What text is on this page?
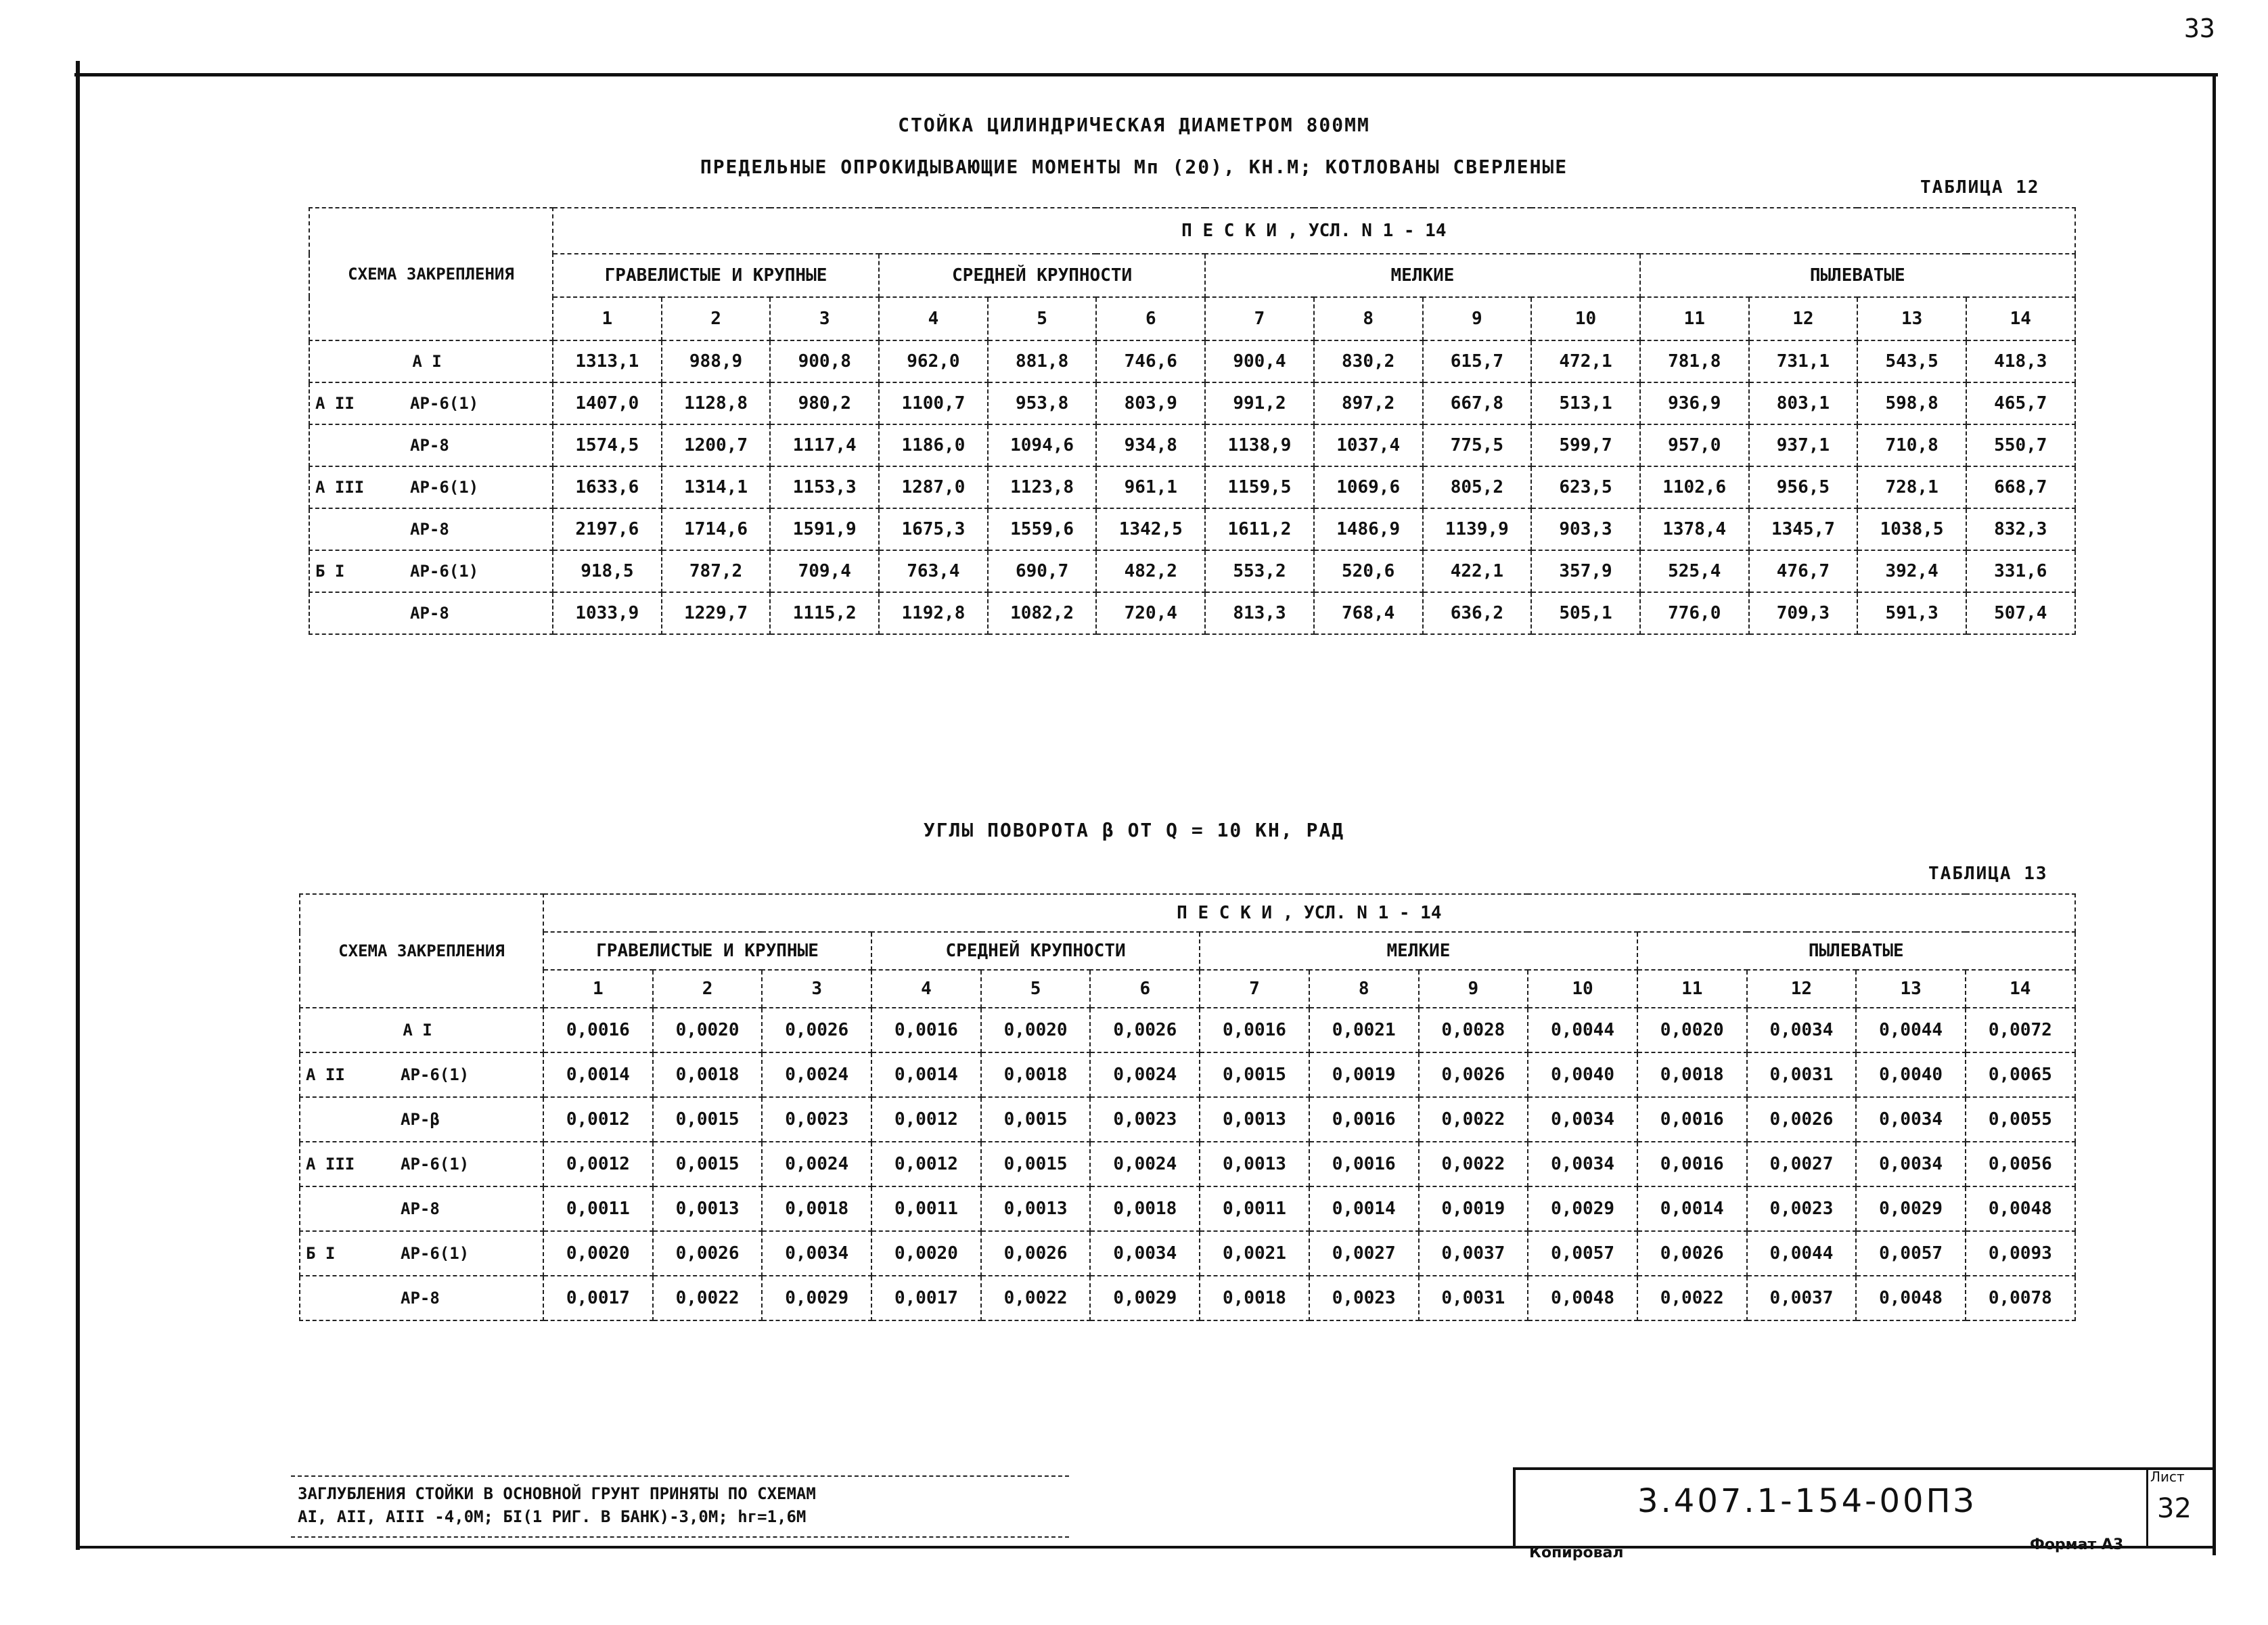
33
СТОЙКА ЦИЛИНДРИЧЕСКАЯ ДИАМЕТРОМ 800ММ
ПРЕДЕЛЬНЫЕ ОПРОКИДЫВАЮЩИЕ МОМЕНТЫ Мп (20), КН.М; КОТЛОВАНЫ СВЕРЛЕНЫЕ
ТАБЛИЦА 12
СХЕМА ЗАКРЕПЛЕНИЯ	П Е С К И , УСЛ. N 1 - 14													
	ГРАВЕЛИСТЫЕ И КРУПНЫЕ			СРЕДНЕЙ КРУПНОСТИ			МЕЛКИЕ				ПЫЛЕВАТЫЕ			
	1	2	3	4	5	6	7	8	9	10	11	12	13	14
А I	1313,1	988,9	900,8	962,0	881,8	746,6	900,4	830,2	615,7	472,1	781,8	731,1	543,5	418,3
А II АР-6(1)	1407,0	1128,8	980,2	1100,7	953,8	803,9	991,2	897,2	667,8	513,1	936,9	803,1	598,8	465,7
АР-8	1574,5	1200,7	1117,4	1186,0	1094,6	934,8	1138,9	1037,4	775,5	599,7	957,0	937,1	710,8	550,7
А III АР-6(1)	1633,6	1314,1	1153,3	1287,0	1123,8	961,1	1159,5	1069,6	805,2	623,5	1102,6	956,5	728,1	668,7
АР-8	2197,6	1714,6	1591,9	1675,3	1559,6	1342,5	1611,2	1486,9	1139,9	903,3	1378,4	1345,7	1038,5	832,3
Б I АР-6(1)	918,5	787,2	709,4	763,4	690,7	482,2	553,2	520,6	422,1	357,9	525,4	476,7	392,4	331,6
АР-8	1033,9	1229,7	1115,2	1192,8	1082,2	720,4	813,3	768,4	636,2	505,1	776,0	709,3	591,3	507,4
УГЛЫ ПОВОРОТА β ОТ Q = 10 КН, РАД
ТАБЛИЦА 13
СХЕМА ЗАКРЕПЛЕНИЯ	П Е С К И , УСЛ. N 1 - 14													
	ГРАВЕЛИСТЫЕ И КРУПНЫЕ			СРЕДНЕЙ КРУПНОСТИ			МЕЛКИЕ				ПЫЛЕВАТЫЕ			
	1	2	3	4	5	6	7	8	9	10	11	12	13	14
А I	0,0016	0,0020	0,0026	0,0016	0,0020	0,0026	0,0016	0,0021	0,0028	0,0044	0,0020	0,0034	0,0044	0,0072
А II АР-6(1)	0,0014	0,0018	0,0024	0,0014	0,0018	0,0024	0,0015	0,0019	0,0026	0,0040	0,0018	0,0031	0,0040	0,0065
АР-β	0,0012	0,0015	0,0023	0,0012	0,0015	0,0023	0,0013	0,0016	0,0022	0,0034	0,0016	0,0026	0,0034	0,0055
А III АР-6(1)	0,0012	0,0015	0,0024	0,0012	0,0015	0,0024	0,0013	0,0016	0,0022	0,0034	0,0016	0,0027	0,0034	0,0056
АР-8	0,0011	0,0013	0,0018	0,0011	0,0013	0,0018	0,0011	0,0014	0,0019	0,0029	0,0014	0,0023	0,0029	0,0048
Б I АР-6(1)	0,0020	0,0026	0,0034	0,0020	0,0026	0,0034	0,0021	0,0027	0,0037	0,0057	0,0026	0,0044	0,0057	0,0093
АР-8	0,0017	0,0022	0,0029	0,0017	0,0022	0,0029	0,0018	0,0023	0,0031	0,0048	0,0022	0,0037	0,0048	0,0078
ЗАГЛУБЛЕНИЯ СТОЙКИ В ОСНОВНОЙ ГРУНТ ПРИНЯТЫ ПО СХЕМАМ
АI, АII, АIII -4,0М; БI(1 РИГ. В БАНК)-3,0М; hг=1,6М	3.407.1-154-00ПЗ
Лист
32
Копировал	Формат А3
